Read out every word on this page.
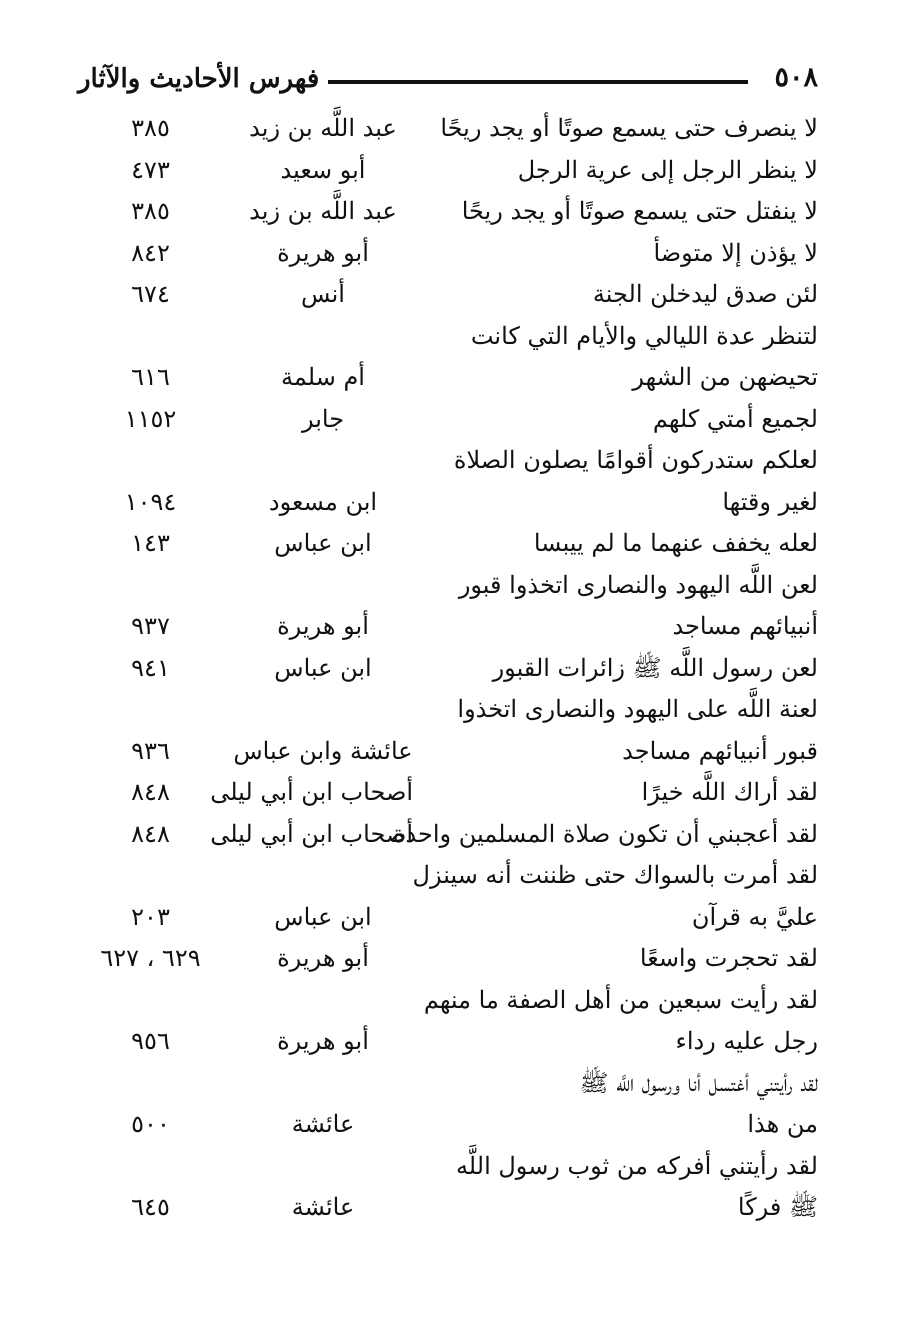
٥٠٨
فهرس الأحاديث والآثار
لا ينصرف حتى يسمع صوتًا أو يجد ريحًا
عبد اللَّه بن زيد
٣٨٥
لا ينظر الرجل إلى عرية الرجل
أبو سعيد
٤٧٣
لا ينفتل حتى يسمع صوتًا أو يجد ريحًا
عبد اللَّه بن زيد
٣٨٥
لا يؤذن إلا متوضأ
أبو هريرة
٨٤٢
لئن صدق ليدخلن الجنة
أنس
٦٧٤
لتنظر عدة الليالي والأيام التي كانت
تحيضهن من الشهر
أم سلمة
٦١٦
لجميع أمتي كلهم
جابر
١١٥٢
لعلكم ستدركون أقوامًا يصلون الصلاة
لغير وقتها
ابن مسعود
١٠٩٤
لعله يخفف عنهما ما لم ييبسا
ابن عباس
١٤٣
لعن اللَّه اليهود والنصارى اتخذوا قبور
أنبيائهم مساجد
أبو هريرة
٩٣٧
لعن رسول اللَّه ﷺ زائرات القبور
ابن عباس
٩٤١
لعنة اللَّه على اليهود والنصارى اتخذوا
قبور أنبيائهم مساجد
عائشة وابن عباس
٩٣٦
لقد أراك اللَّه خيرًا
أصحاب ابن أبي ليلى
٨٤٨
لقد أعجبني أن تكون صلاة المسلمين واحدة
أصحاب ابن أبي ليلى
٨٤٨
لقد أمرت بالسواك حتى ظننت أنه سينزل
عليَّ به قرآن
ابن عباس
٢٠٣
لقد تحجرت واسعًا
أبو هريرة
٦٢٩ ، ٦٢٧
لقد رأيت سبعين من أهل الصفة ما منهم
رجل عليه رداء
أبو هريرة
٩٥٦
لقد رأيتني أغتسل أنا ورسول اللَّه ﷺ
من هذا
عائشة
٥٠٠
لقد رأيتني أفركه من ثوب رسول اللَّه
ﷺ فركًا
عائشة
٦٤٥
